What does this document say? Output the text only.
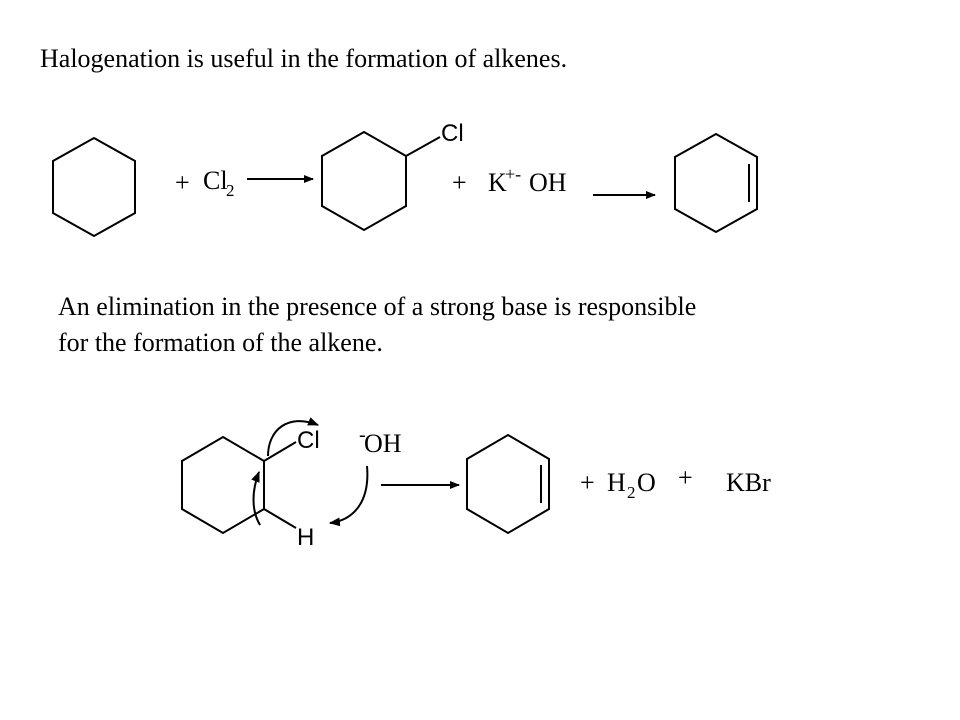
Halogenation is useful in the formation of alkenes.

An elimination in the presence of a strong base is responsible
for the formation of the alkene.

+ Cl
2
Cl
+ K
+- OH
Cl -
OH
H
+ H 2 O + KBr
